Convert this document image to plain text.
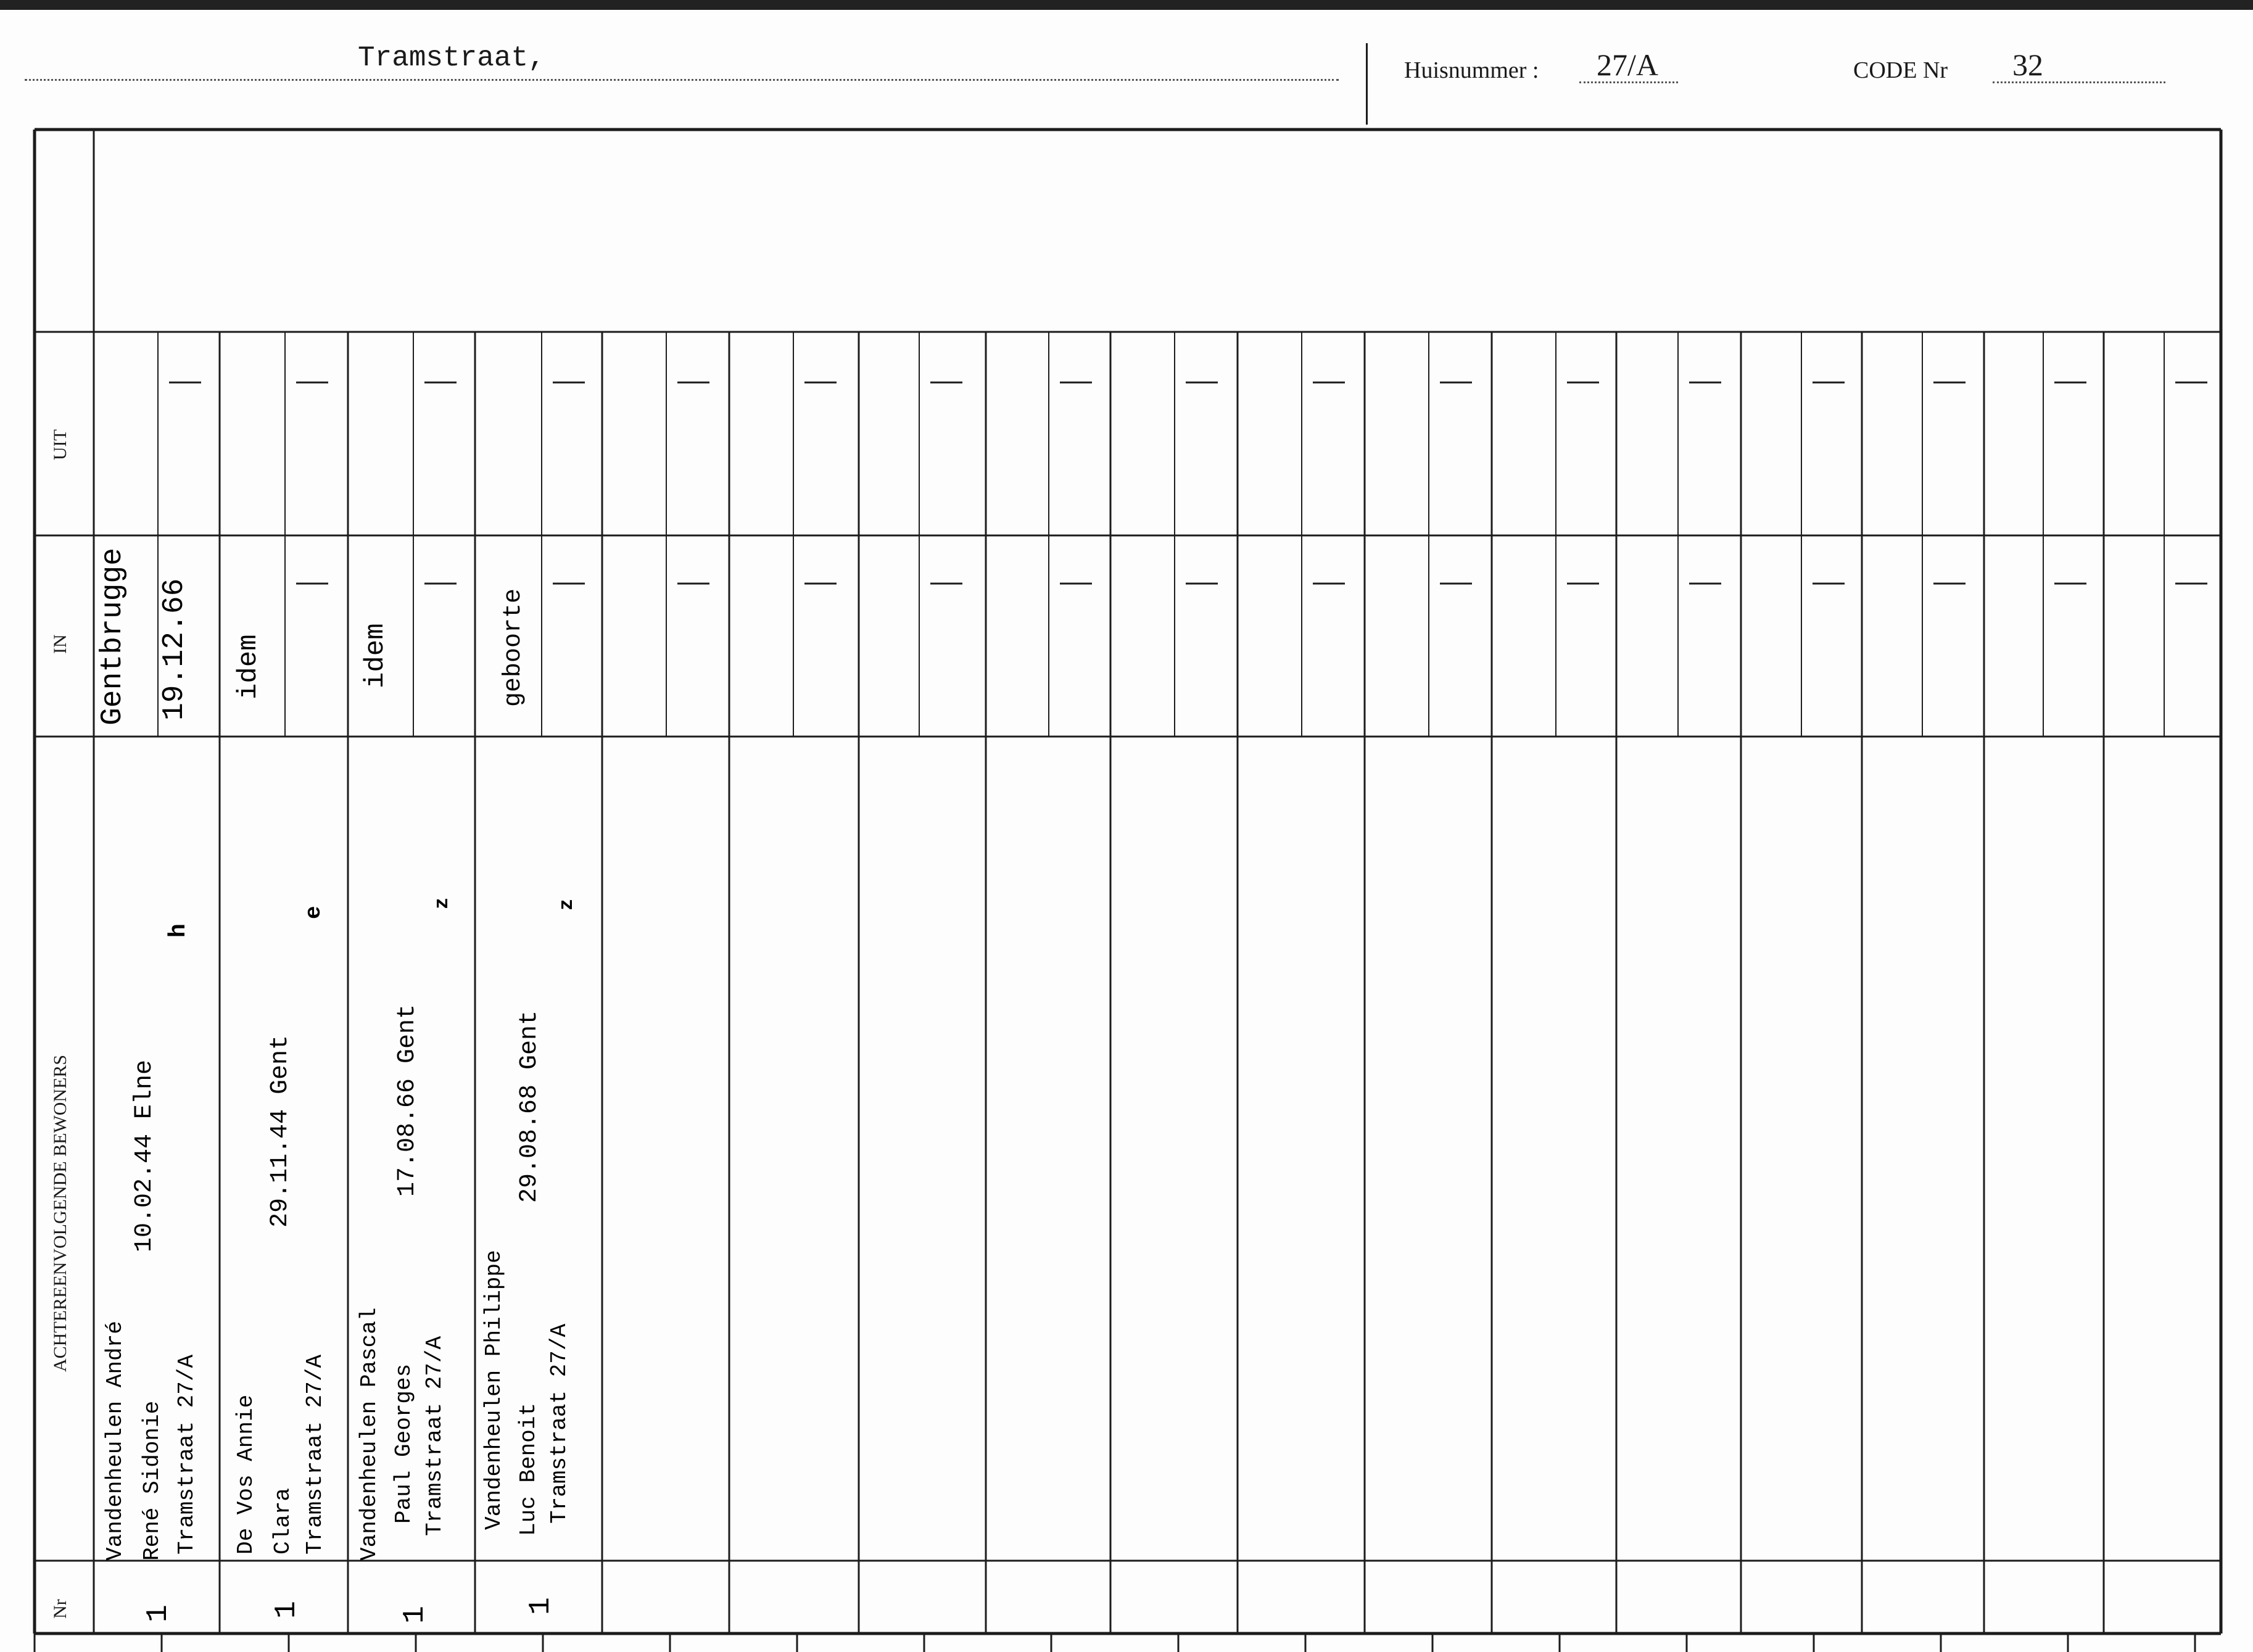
Tramstraat,	Huisnummer : 27/A	CODE Nr 32
UIT
IN
ACHTEREENVOLGENDE BEWONERS
Nr
Gentbrugge 19.12.66
Vandenheulen André René Sidonie Tramstraat 27/A
10.02.44 Elne
h
1
idem
De Vos Annie Clara Tramstraat 27/A
29.11.44 Gent
e
1
idem
Vandenheulen Pascal Paul Georges Tramstraat 27/A
17.08.66 Gent
z
1
geboorte
Vandenheulen Philippe Luc Benoit Tramstraat 27/A
29.08.68 Gent
z
1
